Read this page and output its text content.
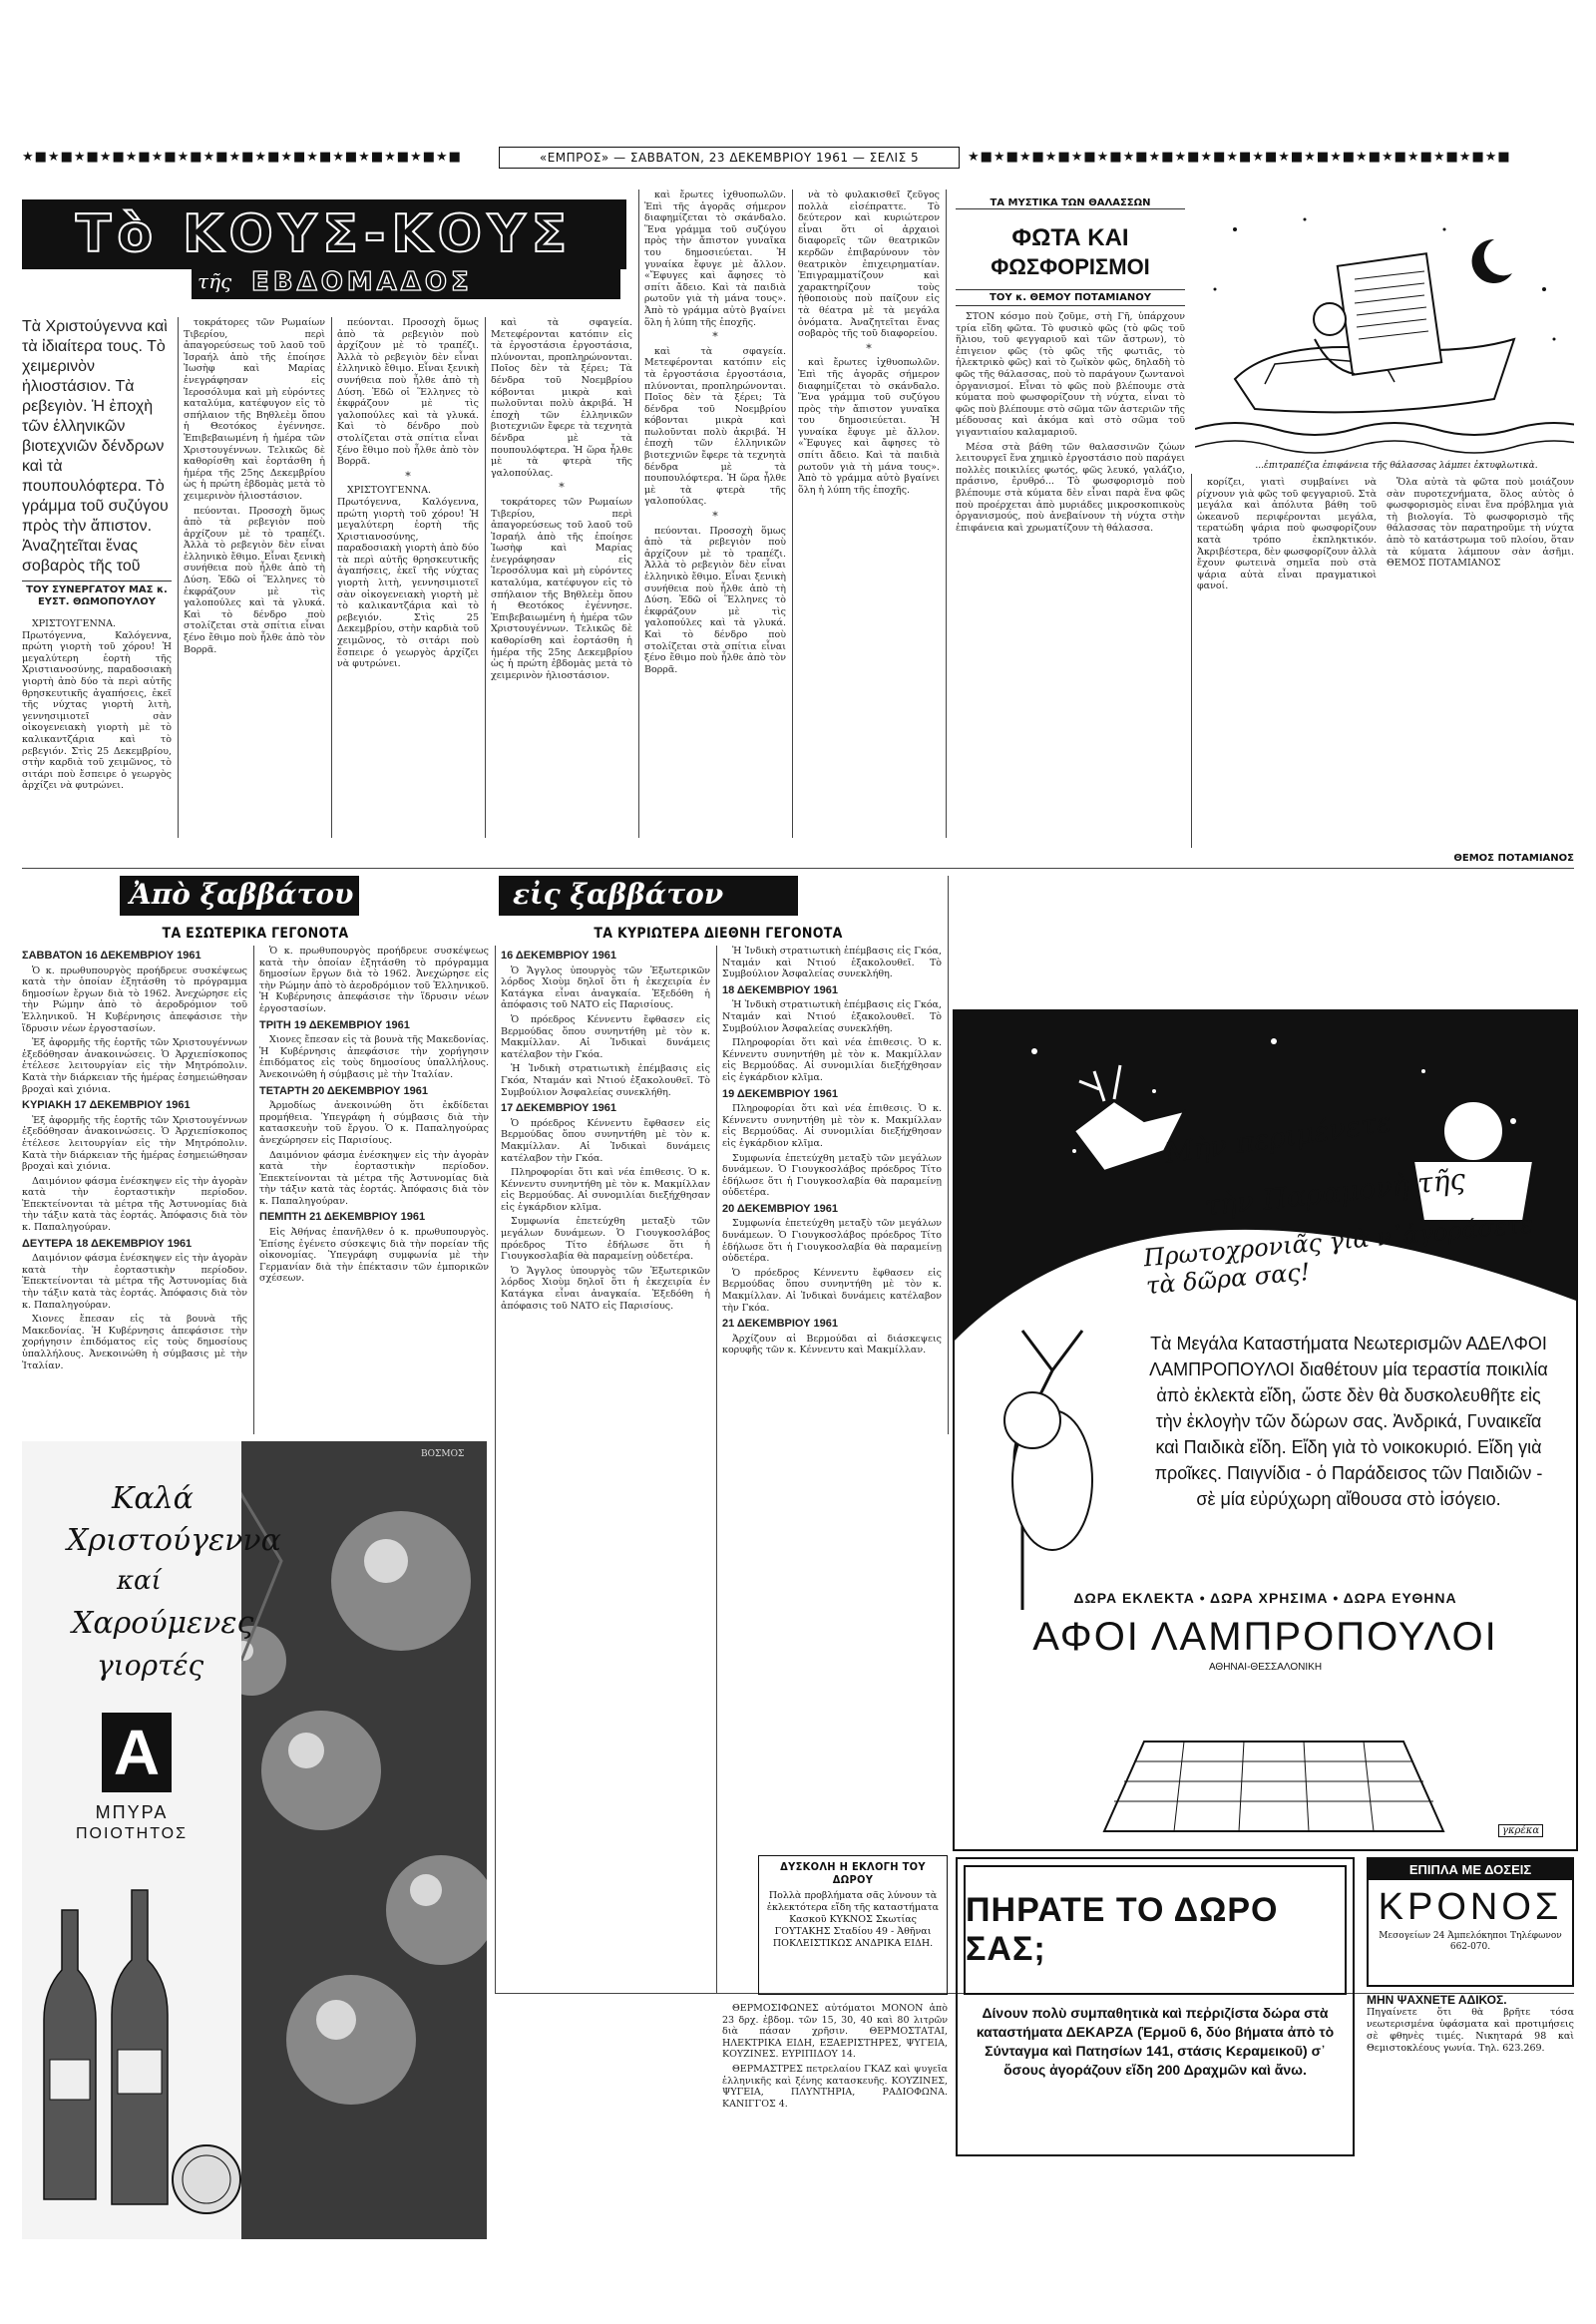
★■★■★■★■★■★■★■★■★■★■★■★■★■★■★■★■★■	«ΕΜΠΡΟΣ» — ΣΑΒΒΑΤΟΝ, 23 ΔΕΚΕΜΒΡΙΟΥ 1961 — ΣΕΛΙΣ 5	★■★■★■★■★■★■★■★■★■★■★■★■★■★■★■★■★■★■★■★■★■
Τὸ ΚΟΥΣ-ΚΟΥΣ
τῆς ΕΒΔΟΜΑΔΟΣ
Τὰ Χριστούγεννα καὶ τὰ ἰδιαίτερα τους. Τὸ χειμερινὸν ἡλιοστάσιον. Τὰ ρεβεγιὸν. Ἡ ἐποχὴ τῶν ἑλληνικῶν βιοτεχνιῶν δένδρων καὶ τὰ πουπουλόφτερα. Τὸ γράμμα τοῦ συζύγου πρὸς τὴν ἄπιστον. Ἀναζητεῖται ἕνας σοβαρὸς τῆς τοῦ
ΤΟΥ ΣΥΝΕΡΓΑΤΟΥ ΜΑΣ κ. ΕΥΣΤ. ΘΩΜΟΠΟΥΛΟΥ

ΧΡΙΣΤΟΥΓΕΝΝΑ. Πρωτόγεννα, Καλόγεννα, πρώτη γιορτὴ τοῦ χόρου! Ἡ μεγαλύτερη ἑορτὴ τῆς Χριστιανοσύνης, παραδοσιακὴ γιορτὴ ἀπὸ δύο τὰ περὶ αὐτῆς θρησκευτικῆς ἀγαπήσεις, ἐκεῖ τῆς νύχτας γιορτὴ λιτὴ, γεννησιμιοτεῖ σὰν οἰκογενειακὴ γιορτὴ μὲ τὸ καλικαντζάρια καὶ τὸ ρεβεγιόν. Στὶς 25 Δεκεμβρίου, στὴν καρδιὰ τοῦ χειμῶνος, τὸ σιτάρι ποὺ ἔσπειρε ὁ γεωργὸς ἀρχίζει νὰ φυτρώνει.

τοκράτορες τῶν Ρωμαίων Τιβερίου, περὶ ἀπαγορεύσεως τοῦ λαοῦ τοῦ Ἰσραήλ ἀπὸ τῆς ἐποίησε Ἰωσὴφ καὶ Μαρίας ἐνεγράφησαν εἰς Ἱεροσόλυμα καὶ μὴ εὑρόντες καταλύμα, κατέφυγον εἰς τὸ σπήλαιον τῆς Βηθλεὲμ ὅπου ἡ Θεοτόκος ἐγέννησε. Ἐπιβεβαιωμένη ἡ ἡμέρα τῶν Χριστουγέννων. Τελικῶς δὲ καθορίσθη καὶ ἑορτάσθη ἡ ἡμέρα τῆς 25ης Δεκεμβρίου ὡς ἡ πρώτη ἑβδομὰς μετὰ τὸ χειμερινὸν ἡλιοστάσιον.

πεύονται. Προσοχὴ ὅμως ἀπὸ τὰ ρεβεγιὸν ποὺ ἀρχίζουν μὲ τὸ τραπέζι. Ἀλλὰ τὸ ρεβεγιὸν δὲν εἶναι ἑλληνικὸ ἔθιμο. Εἶναι ξενικὴ συνήθεια ποὺ ἦλθε ἀπὸ τὴ Δύση. Ἐδῶ οἱ Ἕλληνες τὸ ἐκφράζουν μὲ τὶς γαλοπούλες καὶ τὰ γλυκά. Καὶ τὸ δένδρο ποὺ στολίζεται στὰ σπίτια εἶναι ξένο ἔθιμο ποὺ ἦλθε ἀπὸ τὸν Βορρᾶ.

πεύονται. Προσοχὴ ὅμως ἀπὸ τὰ ρεβεγιὸν ποὺ ἀρχίζουν μὲ τὸ τραπέζι. Ἀλλὰ τὸ ρεβεγιὸν δὲν εἶναι ἑλληνικὸ ἔθιμο. Εἶναι ξενικὴ συνήθεια ποὺ ἦλθε ἀπὸ τὴ Δύση. Ἐδῶ οἱ Ἕλληνες τὸ ἐκφράζουν μὲ τὶς γαλοπούλες καὶ τὰ γλυκά. Καὶ τὸ δένδρο ποὺ στολίζεται στὰ σπίτια εἶναι ξένο ἔθιμο ποὺ ἦλθε ἀπὸ τὸν Βορρᾶ.

*

ΧΡΙΣΤΟΥΓΕΝΝΑ. Πρωτόγεννα, Καλόγεννα, πρώτη γιορτὴ τοῦ χόρου! Ἡ μεγαλύτερη ἑορτὴ τῆς Χριστιανοσύνης, παραδοσιακὴ γιορτὴ ἀπὸ δύο τὰ περὶ αὐτῆς θρησκευτικῆς ἀγαπήσεις, ἐκεῖ τῆς νύχτας γιορτὴ λιτὴ, γεννησιμιοτεῖ σὰν οἰκογενειακὴ γιορτὴ μὲ τὸ καλικαντζάρια καὶ τὸ ρεβεγιόν. Στὶς 25 Δεκεμβρίου, στὴν καρδιὰ τοῦ χειμῶνος, τὸ σιτάρι ποὺ ἔσπειρε ὁ γεωργὸς ἀρχίζει νὰ φυτρώνει.

καὶ τὰ σφαγεία. Μετεφέρονται κατόπιν εἰς τὰ ἐργοστάσια ἐργοστάσια, πλύνονται, προπληρώνονται. Ποῖος δὲν τὰ ξέρει; Τὰ δένδρα τοῦ Νοεμβρίου κόβονται μικρὰ καὶ πωλοῦνται πολὺ ἀκριβά. Ἡ ἐποχὴ τῶν ἑλληνικῶν βιοτεχνιῶν ἔφερε τὰ τεχνητὰ δένδρα μὲ τὰ πουπουλόφτερα. Ἡ ὥρα ἦλθε μὲ τὰ φτερὰ τῆς γαλοπούλας.

*

τοκράτορες τῶν Ρωμαίων Τιβερίου, περὶ ἀπαγορεύσεως τοῦ λαοῦ τοῦ Ἰσραήλ ἀπὸ τῆς ἐποίησε Ἰωσὴφ καὶ Μαρίας ἐνεγράφησαν εἰς Ἱεροσόλυμα καὶ μὴ εὑρόντες καταλύμα, κατέφυγον εἰς τὸ σπήλαιον τῆς Βηθλεὲμ ὅπου ἡ Θεοτόκος ἐγέννησε. Ἐπιβεβαιωμένη ἡ ἡμέρα τῶν Χριστουγέννων. Τελικῶς δὲ καθορίσθη καὶ ἑορτάσθη ἡ ἡμέρα τῆς 25ης Δεκεμβρίου ὡς ἡ πρώτη ἑβδομὰς μετὰ τὸ χειμερινὸν ἡλιοστάσιον.

καὶ ἔρωτες ἰχθυοπωλῶν. Ἐπὶ τῆς ἀγορᾶς σήμερον διαφημίζεται τὸ σκάνδαλο. Ἕνα γράμμα τοῦ συζύγου πρὸς τὴν ἄπιστον γυναῖκα του δημοσιεύεται. Ἡ γυναίκα ἔφυγε μὲ ἄλλον. «Ἔφυγες καὶ ἄφησες τὸ σπίτι ἄδειο. Καὶ τὰ παιδιὰ ρωτοῦν γιὰ τὴ μάνα τους». Ἀπὸ τὸ γράμμα αὐτὸ βγαίνει ὅλη ἡ λύπη τῆς ἐποχῆς.

*

καὶ τὰ σφαγεία. Μετεφέρονται κατόπιν εἰς τὰ ἐργοστάσια ἐργοστάσια, πλύνονται, προπληρώνονται. Ποῖος δὲν τὰ ξέρει; Τὰ δένδρα τοῦ Νοεμβρίου κόβονται μικρὰ καὶ πωλοῦνται πολὺ ἀκριβά. Ἡ ἐποχὴ τῶν ἑλληνικῶν βιοτεχνιῶν ἔφερε τὰ τεχνητὰ δένδρα μὲ τὰ πουπουλόφτερα. Ἡ ὥρα ἦλθε μὲ τὰ φτερὰ τῆς γαλοπούλας.

*

πεύονται. Προσοχὴ ὅμως ἀπὸ τὰ ρεβεγιὸν ποὺ ἀρχίζουν μὲ τὸ τραπέζι. Ἀλλὰ τὸ ρεβεγιὸν δὲν εἶναι ἑλληνικὸ ἔθιμο. Εἶναι ξενικὴ συνήθεια ποὺ ἦλθε ἀπὸ τὴ Δύση. Ἐδῶ οἱ Ἕλληνες τὸ ἐκφράζουν μὲ τὶς γαλοπούλες καὶ τὰ γλυκά. Καὶ τὸ δένδρο ποὺ στολίζεται στὰ σπίτια εἶναι ξένο ἔθιμο ποὺ ἦλθε ἀπὸ τὸν Βορρᾶ.

νὰ τὸ φυλακισθεῖ ζεῦγος πολλὰ εἰσέπραττε. Τὸ δεύτερον καὶ κυριώτερον εἶναι ὅτι οἱ ἀρχαιοὶ διαφορεῖς τῶν θεατρικῶν κερδῶν ἐπιβαρύνουν τὸν θεατρικὸν ἐπιχειρηματίαν. Ἐπιγραμματίζουν καὶ χαρακτηρίζουν τοὺς ἡθοποιοὺς ποὺ παίζουν εἰς τὰ θέατρα μὲ τὰ μεγάλα ὀνόματα. Ἀναζητεῖται ἕνας σοβαρὸς τῆς τοῦ διαφορείου.

*

καὶ ἔρωτες ἰχθυοπωλῶν. Ἐπὶ τῆς ἀγορᾶς σήμερον διαφημίζεται τὸ σκάνδαλο. Ἕνα γράμμα τοῦ συζύγου πρὸς τὴν ἄπιστον γυναῖκα του δημοσιεύεται. Ἡ γυναίκα ἔφυγε μὲ ἄλλον. «Ἔφυγες καὶ ἄφησες τὸ σπίτι ἄδειο. Καὶ τὰ παιδιὰ ρωτοῦν γιὰ τὴ μάνα τους». Ἀπὸ τὸ γράμμα αὐτὸ βγαίνει ὅλη ἡ λύπη τῆς ἐποχῆς.

ΤΑ ΜΥΣΤΙΚΑ ΤΩΝ ΘΑΛΑΣΣΩΝ
ΦΩΤΑ ΚΑΙ
ΦΩΣΦΟΡΙΣΜΟΙ
ΤΟΥ κ. ΘΕΜΟΥ ΠΟΤΑΜΙΑΝΟΥ

ΣΤΟΝ κόσμο ποὺ ζοῦμε, στὴ Γῆ, ὑπάρχουν τρία εἴδη φῶτα. Τὸ φυσικὸ φῶς (τὸ φῶς τοῦ ἥλιου, τοῦ φεγγαριοῦ καὶ τῶν ἄστρων), τὸ ἐπιγειον φῶς (τὸ φῶς τῆς φωτιᾶς, τὸ ἠλεκτρικὸ φῶς) καὶ τὸ ζωϊκὸν φῶς, δηλαδὴ τὸ φῶς τῆς θάλασσας, ποὺ τὸ παράγουν ζωντανοὶ ὀργανισμοί. Εἶναι τὸ φῶς ποὺ βλέπουμε στὰ κύματα ποὺ φωσφορίζουν τὴ νύχτα, εἶναι τὸ φῶς ποὺ βλέπουμε στὸ σῶμα τῶν ἀστεριῶν τῆς μέδουσας καὶ ἀκόμα καὶ στὸ σῶμα τοῦ γιγαντιαίου καλαμαριοῦ.

Μέσα στὰ βάθη τῶν θαλασσινῶν ζώων λειτουργεῖ ἕνα χημικὸ ἐργοστάσιο ποὺ παράγει πολλὲς ποικιλίες φωτός, φῶς λευκό, γαλάζιο, πράσινο, ἐρυθρό... Τὸ φωσφορισμὸ ποὺ βλέπουμε στὰ κύματα δὲν εἶναι παρὰ ἕνα φῶς ποὺ προέρχεται ἀπὸ μυριάδες μικροσκοπικοὺς ὀργανισμούς, ποὺ ἀνεβαίνουν τὴ νύχτα στὴν ἐπιφάνεια καὶ χρωματίζουν τὴ θάλασσα.

...ἐπιτραπέζια ἐπιφάνεια τῆς θάλασσας λάμπει ἐκτυφλωτικὰ.

κορίζει, γιατὶ συμβαίνει νὰ ρίχνουν γιὰ φῶς τοῦ φεγγαριοῦ. Στὰ μεγάλα καὶ ἀπόλυτα βάθη τοῦ ὠκεανοῦ περιφέρονται μεγάλα, τερατώδη ψάρια ποὺ φωσφορίζουν κατὰ τρόπο ἐκπληκτικόν. Ἀκριβέστερα, δὲν φωσφορίζουν ἀλλὰ ἔχουν φωτεινὰ σημεῖα ποὺ στὰ ψάρια αὐτὰ εἶναι πραγματικοὶ φανοί.

Ὅλα αὐτὰ τὰ φῶτα ποὺ μοιάζουν σὰν πυροτεχνήματα, ὅλος αὐτὸς ὁ φωσφορισμὸς εἶναι ἕνα πρόβλημα γιὰ τὴ βιολογία. Τὸ φωσφορισμὸ τῆς θάλασσας τὸν παρατηροῦμε τὴ νύχτα ἀπὸ τὸ κατάστρωμα τοῦ πλοίου, ὅταν τὰ κύματα λάμπουν σὰν ἀσῆμι. ΘΕΜΟΣ ΠΟΤΑΜΙΑΝΟΣ

ΘΕΜΟΣ ΠΟΤΑΜΙΑΝΟΣ
Ἀπὸ ξαββάτου ....
εἰς ξαββάτον
ΤΑ ΕΣΩΤΕΡΙΚΑ ΓΕΓΟΝΟΤΑ	ΤΑ ΚΥΡΙΩΤΕΡΑ ΔΙΕΘΝΗ ΓΕΓΟΝΟΤΑ
ΣΑΒΒΑΤΟΝ 16 ΔΕΚΕΜΒΡΙΟΥ 1961

Ὁ κ. πρωθυπουργὸς προήδρευε συσκέψεως κατὰ τὴν ὁποίαν ἐξητάσθη τὸ πρόγραμμα δημοσίων ἔργων διὰ τὸ 1962. Ἀνεχώρησε εἰς τὴν Ρώμην ἀπὸ τὸ ἀεροδρόμιον τοῦ Ἑλληνικοῦ. Ἡ Κυβέρνησις ἀπεφάσισε τὴν ἵδρυσιν νέων ἐργοστασίων.

Ἐξ ἀφορμῆς τῆς ἑορτῆς τῶν Χριστουγέννων ἐξεδόθησαν ἀνακοινώσεις. Ὁ Ἀρχιεπίσκοπος ἐτέλεσε λειτουργίαν εἰς τὴν Μητρόπολιν. Κατὰ τὴν διάρκειαν τῆς ἡμέρας ἐσημειώθησαν βροχαὶ καὶ χιόνια.

ΚΥΡΙΑΚΗ 17 ΔΕΚΕΜΒΡΙΟΥ 1961

Ἐξ ἀφορμῆς τῆς ἑορτῆς τῶν Χριστουγέννων ἐξεδόθησαν ἀνακοινώσεις. Ὁ Ἀρχιεπίσκοπος ἐτέλεσε λειτουργίαν εἰς τὴν Μητρόπολιν. Κατὰ τὴν διάρκειαν τῆς ἡμέρας ἐσημειώθησαν βροχαὶ καὶ χιόνια.

Δαιμόνιον φάσμα ἐνέσκηψεν εἰς τὴν ἀγορὰν κατὰ τὴν ἑορταστικὴν περίοδον. Ἐπεκτείνονται τὰ μέτρα τῆς Ἀστυνομίας διὰ τὴν τάξιν κατὰ τὰς ἑορτάς. Ἀπόφασις διὰ τὸν κ. Παπαληγούραν.

ΔΕΥΤΕΡΑ 18 ΔΕΚΕΜΒΡΙΟΥ 1961

Δαιμόνιον φάσμα ἐνέσκηψεν εἰς τὴν ἀγορὰν κατὰ τὴν ἑορταστικὴν περίοδον. Ἐπεκτείνονται τὰ μέτρα τῆς Ἀστυνομίας διὰ τὴν τάξιν κατὰ τὰς ἑορτάς. Ἀπόφασις διὰ τὸν κ. Παπαληγούραν.

Χιονες ἔπεσαν εἰς τὰ βουνὰ τῆς Μακεδονίας. Ἡ Κυβέρνησις ἀπεφάσισε τὴν χορήγησιν ἐπιδόματος εἰς τοὺς δημοσίους ὑπαλλήλους. Ἀνεκοινώθη ἡ σύμβασις μὲ τὴν Ἰταλίαν.

Ὁ κ. πρωθυπουργὸς προήδρευε συσκέψεως κατὰ τὴν ὁποίαν ἐξητάσθη τὸ πρόγραμμα δημοσίων ἔργων διὰ τὸ 1962. Ἀνεχώρησε εἰς τὴν Ρώμην ἀπὸ τὸ ἀεροδρόμιον τοῦ Ἑλληνικοῦ. Ἡ Κυβέρνησις ἀπεφάσισε τὴν ἵδρυσιν νέων ἐργοστασίων.

ΤΡΙΤΗ 19 ΔΕΚΕΜΒΡΙΟΥ 1961

Χιονες ἔπεσαν εἰς τὰ βουνὰ τῆς Μακεδονίας. Ἡ Κυβέρνησις ἀπεφάσισε τὴν χορήγησιν ἐπιδόματος εἰς τοὺς δημοσίους ὑπαλλήλους. Ἀνεκοινώθη ἡ σύμβασις μὲ τὴν Ἰταλίαν.

ΤΕΤΑΡΤΗ 20 ΔΕΚΕΜΒΡΙΟΥ 1961

Ἀρμοδίως ἀνεκοινώθη ὅτι ἐκδίδεται προμήθεια. Ὑπεγράφη ἡ σύμβασις διὰ τὴν κατασκευὴν τοῦ ἔργου. Ὁ κ. Παπαληγούρας ἀνεχώρησεν εἰς Παρισίους.

Δαιμόνιον φάσμα ἐνέσκηψεν εἰς τὴν ἀγορὰν κατὰ τὴν ἑορταστικὴν περίοδον. Ἐπεκτείνονται τὰ μέτρα τῆς Ἀστυνομίας διὰ τὴν τάξιν κατὰ τὰς ἑορτάς. Ἀπόφασις διὰ τὸν κ. Παπαληγούραν.

ΠΕΜΠΤΗ 21 ΔΕΚΕΜΒΡΙΟΥ 1961

Εἰς Ἀθήνας ἐπανῆλθεν ὁ κ. πρωθυπουργὸς. Ἐπίσης ἐγένετο σύσκεψις διὰ τὴν πορείαν τῆς οἰκονομίας. Ὑπεγράφη συμφωνία μὲ τὴν Γερμανίαν διὰ τὴν ἐπέκτασιν τῶν ἐμπορικῶν σχέσεων.

16 ΔΕΚΕΜΒΡΙΟΥ 1961

Ὁ Ἄγγλος ὑπουργὸς τῶν Ἐξωτερικῶν λόρδος Χιοὺμ δηλοῖ ὅτι ἡ ἐκεχειρία ἐν Κατάγκα εἶναι ἀναγκαία. Ἐξεδόθη ἡ ἀπόφασις τοῦ ΝΑΤΟ εἰς Παρισίους.

Ὁ πρόεδρος Κέννεντυ ἔφθασεν εἰς Βερμούδας ὅπου συνηντήθη μὲ τὸν κ. Μακμίλλαν. Αἱ Ἰνδικαὶ δυνάμεις κατέλαβον τὴν Γκόα.

Ἡ Ἰνδικὴ στρατιωτικὴ ἐπέμβασις εἰς Γκόα, Νταμάν καὶ Ντιού ἐξακολουθεῖ. Τὸ Συμβούλιον Ἀσφαλείας συνεκλήθη.

17 ΔΕΚΕΜΒΡΙΟΥ 1961

Ὁ πρόεδρος Κέννεντυ ἔφθασεν εἰς Βερμούδας ὅπου συνηντήθη μὲ τὸν κ. Μακμίλλαν. Αἱ Ἰνδικαὶ δυνάμεις κατέλαβον τὴν Γκόα.

Πληροφορίαι ὅτι καὶ νέα ἐπιθεσις. Ὁ κ. Κέννεντυ συνηντήθη μὲ τὸν κ. Μακμίλλαν εἰς Βερμούδας. Αἱ συνομιλίαι διεξήχθησαν εἰς ἐγκάρδιον κλῖμα.

Συμφωνία ἐπετεύχθη μεταξὺ τῶν μεγάλων δυνάμεων. Ὁ Γιουγκοσλάβος πρόεδρος Τίτο ἐδήλωσε ὅτι ἡ Γιουγκοσλαβία θὰ παραμείνῃ οὐδετέρα.

Ὁ Ἄγγλος ὑπουργὸς τῶν Ἐξωτερικῶν λόρδος Χιοὺμ δηλοῖ ὅτι ἡ ἐκεχειρία ἐν Κατάγκα εἶναι ἀναγκαία. Ἐξεδόθη ἡ ἀπόφασις τοῦ ΝΑΤΟ εἰς Παρισίους.

Ἡ Ἰνδικὴ στρατιωτικὴ ἐπέμβασις εἰς Γκόα, Νταμάν καὶ Ντιού ἐξακολουθεῖ. Τὸ Συμβούλιον Ἀσφαλείας συνεκλήθη.

18 ΔΕΚΕΜΒΡΙΟΥ 1961

Ἡ Ἰνδικὴ στρατιωτικὴ ἐπέμβασις εἰς Γκόα, Νταμάν καὶ Ντιού ἐξακολουθεῖ. Τὸ Συμβούλιον Ἀσφαλείας συνεκλήθη.

Πληροφορίαι ὅτι καὶ νέα ἐπιθεσις. Ὁ κ. Κέννεντυ συνηντήθη μὲ τὸν κ. Μακμίλλαν εἰς Βερμούδας. Αἱ συνομιλίαι διεξήχθησαν εἰς ἐγκάρδιον κλῖμα.

19 ΔΕΚΕΜΒΡΙΟΥ 1961

Πληροφορίαι ὅτι καὶ νέα ἐπιθεσις. Ὁ κ. Κέννεντυ συνηντήθη μὲ τὸν κ. Μακμίλλαν εἰς Βερμούδας. Αἱ συνομιλίαι διεξήχθησαν εἰς ἐγκάρδιον κλῖμα.

Συμφωνία ἐπετεύχθη μεταξὺ τῶν μεγάλων δυνάμεων. Ὁ Γιουγκοσλάβος πρόεδρος Τίτο ἐδήλωσε ὅτι ἡ Γιουγκοσλαβία θὰ παραμείνῃ οὐδετέρα.

20 ΔΕΚΕΜΒΡΙΟΥ 1961

Συμφωνία ἐπετεύχθη μεταξὺ τῶν μεγάλων δυνάμεων. Ὁ Γιουγκοσλάβος πρόεδρος Τίτο ἐδήλωσε ὅτι ἡ Γιουγκοσλαβία θὰ παραμείνῃ οὐδετέρα.

Ὁ πρόεδρος Κέννεντυ ἔφθασεν εἰς Βερμούδας ὅπου συνηντήθη μὲ τὸν κ. Μακμίλλαν. Αἱ Ἰνδικαὶ δυνάμεις κατέλαβον τὴν Γκόα.

21 ΔΕΚΕΜΒΡΙΟΥ 1961

Ἀρχίζουν αἱ Βερμούδαι αἱ διάσκεψεις κορυφῆς τῶν κ. Κέννεντυ καὶ Μακμίλλαν.

Καλά
Χριστούγεννα
καί
Χαρούμενες
γιορτές
A
ΜΠΥΡΑ
ΠΟΙΟΤΗΤΟΣ
ΒΟΣΜΟΣ
Μὴν περιμένετε
τὴν Παραμονὴ τῆς
Πρωτοχρονιᾶς γιὰ ν᾽ἀγοράσετε τὰ δῶρα σας!
Τὰ Μεγάλα Καταστήματα Νεωτερισμῶν ΑΔΕΛΦΟΙ ΛΑΜΠΡΟΠΟΥΛΟΙ διαθέτουν μία τεραστία ποικιλία ἀπὸ ἐκλεκτὰ εἴδη, ὥστε δὲν θὰ δυσκολευθῆτε εἰς τὴν ἐκλογὴν τῶν δώρων σας. Ἀνδρικά, Γυναικεῖα καὶ Παιδικὰ εἴδη. Εἴδη γιὰ τὸ νοικοκυριό. Εἴδη γιὰ προῖκες. Παιγνίδια - ὁ Παράδεισος τῶν Παιδιῶν - σὲ μία εὐρύχωρη αἴθουσα στὸ ἰσόγειο.
ΔΩΡΑ ΕΚΛΕΚΤΑ • ΔΩΡΑ ΧΡΗΣΙΜΑ • ΔΩΡΑ ΕΥΘΗΝΑ
ΑΦΟΙ ΛΑΜΠΡΟΠΟΥΛΟΙ
ΑΘΗΝΑΙ-ΘΕΣΣΑΛΟΝΙΚΗ
γκρέκα
ΔΥΣΚΟΛΗ Η ΕΚΛΟΓΗ ΤΟΥ ΔΩΡΟΥ
Πολλὰ προβλήματα σᾶς λύνουν τὰ ἐκλεκτότερα εἴδη τῆς καταστήματα Κασκοῦ ΚΥΚΝΟΣ Σκωτίας ΓΟΥΤΑΚΗΣ Σταδίου 49 - Ἀθῆναι ΠΟΚΛΕΙΣΤΙΚΩΣ ΑΝΔΡΙΚΑ ΕΙΔΗ.

ΘΕΡΜΟΣΙΦΩΝΕΣ αὐτόματοι ΜΟΝΟΝ ἀπὸ 23 δρχ. ἑβδομ. τῶν 15, 30, 40 καὶ 80 λιτρῶν διὰ πάσαν χρῆσιν. ΘΕΡΜΟΣΤΑΤΑΙ, ΗΛΕΚΤΡΙΚΑ ΕΙΔΗ, ΕΞΑΕΡΙΣΤΗΡΕΣ, ΨΥΓΕΙΑ, ΚΟΥΖΙΝΕΣ. ΕΥΡΙΠΙΔΟΥ 14.

ΘΕΡΜΑΣΤΡΕΣ πετρελαίου ΓΚΑΖ καὶ ψυγεῖα ἐλληνικῆς καὶ ξένης κατασκευῆς. ΚΟΥΖΙΝΕΣ, ΨΥΓΕΙΑ, ΠΛΥΝΤΗΡΙΑ, ΡΑΔΙΟΦΩΝΑ. ΚΑΝΙΓΓΟΣ 4.

ΠΗΡΑΤΕ ΤΟ ΔΩΡΟ ΣΑΣ;
Δίνουν πολὺ συμπαθητικὰ καὶ πεῤριζίστα δώρα στὰ καταστήματα ΔΕΚΑΡΖΑ (Ἑρμοῦ 6, δύο βήματα ἀπὸ τὸ Σύνταγμα καὶ Πατησίων 141, στάσις Κεραμεικοῦ) σ᾽ ὅσους ἀγοράζουν εἴδη 200 Δραχμῶν καὶ ἄνω.
ΕΠΙΠΛΑ ΜΕ ΔΟΣΕΙΣ
ΚΡΟΝΟΣ
Μεσογείων 24 Ἀμπελόκηποι Τηλέφωνον 662-070.
ΜΗΝ ΨΑΧΝΕΤΕ ΑΔΙΚΟΣ.
Πηγαίνετε ὅτι θὰ βρῆτε τόσα νεωτερισμένα ὑφάσματα καὶ προτιμήσεις σὲ φθηνὲς τιμές. Νικηταρά 98 καὶ Θεμιστοκλέους γωνία. Τηλ. 623.269.
